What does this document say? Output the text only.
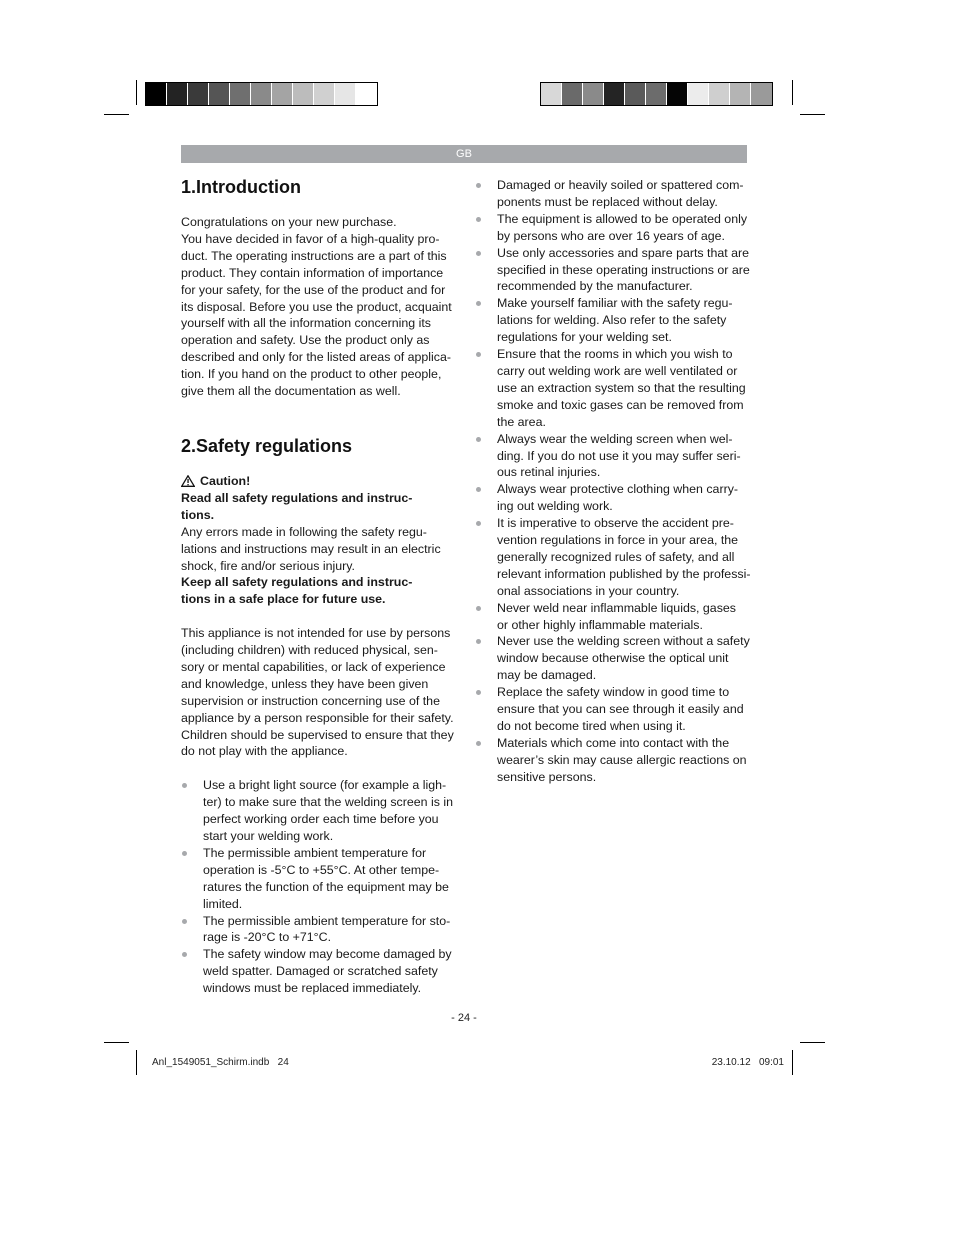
GB
1.Introduction

Congratulations on your new purchase.

You have decided in favor of a high-quality pro-

duct. The operating instructions are a part of this

product. They contain information of importance

for your safety, for the use of the product and for

its disposal. Before you use the product, acquaint

yourself with all the information concerning its

operation and safety. Use the product only as

described and only for the listed areas of applica-

tion. If you hand on the product to other people,

give them all the documentation as well.

2.Safety regulations

Caution!

Read all safety regulations and instruc-

tions.

Any errors made in following the safety regu-

lations and instructions may result in an electric

shock, fire and/or serious injury.

Keep all safety regulations and instruc-

tions in a safe place for future use.

This appliance is not intended for use by persons

(including children) with reduced physical, sen-

sory or mental capabilities, or lack of experience

and knowledge, unless they have been given

supervision or instruction concerning use of the

appliance by a person responsible for their safety.

Children should be supervised to ensure that they

do not play with the appliance.

Use a bright light source (for example a ligh-
ter) to make sure that the welding screen is in
perfect working order each time before you
start your welding work.
The permissible ambient temperature for
operation is -5°C to +55°C. At other tempe-
ratures the function of the equipment may be
limited.
The permissible ambient temperature for sto-
rage is -20°C to +71°C.
The safety window may become damaged by
weld spatter. Damaged or scratched safety
windows must be replaced immediately.
Damaged or heavily soiled or spattered com-
ponents must be replaced without delay.
The equipment is allowed to be operated only
by persons who are over 16 years of age.
Use only accessories and spare parts that are
specified in these operating instructions or are
recommended by the manufacturer.
Make yourself familiar with the safety regu-
lations for welding. Also refer to the safety
regulations for your welding set.
Ensure that the rooms in which you wish to
carry out welding work are well ventilated or
use an extraction system so that the resulting
smoke and toxic gases can be removed from
the area.
Always wear the welding screen when wel-
ding. If you do not use it you may suffer seri-
ous retinal injuries.
Always wear protective clothing when carry-
ing out welding work.
It is imperative to observe the accident pre-
vention regulations in force in your area, the
generally recognized rules of safety, and all
relevant information published by the professi-
onal associations in your country.
Never weld near inflammable liquids, gases
or other highly inflammable materials.
Never use the welding screen without a safety
window because otherwise the optical unit
may be damaged.
Replace the safety window in good time to
ensure that you can see through it easily and
do not become tired when using it.
Materials which come into contact with the
wearer’s skin may cause allergic reactions on
sensitive persons.
- 24 -
Anl_1549051_Schirm.indb   24	23.10.12   09:01
